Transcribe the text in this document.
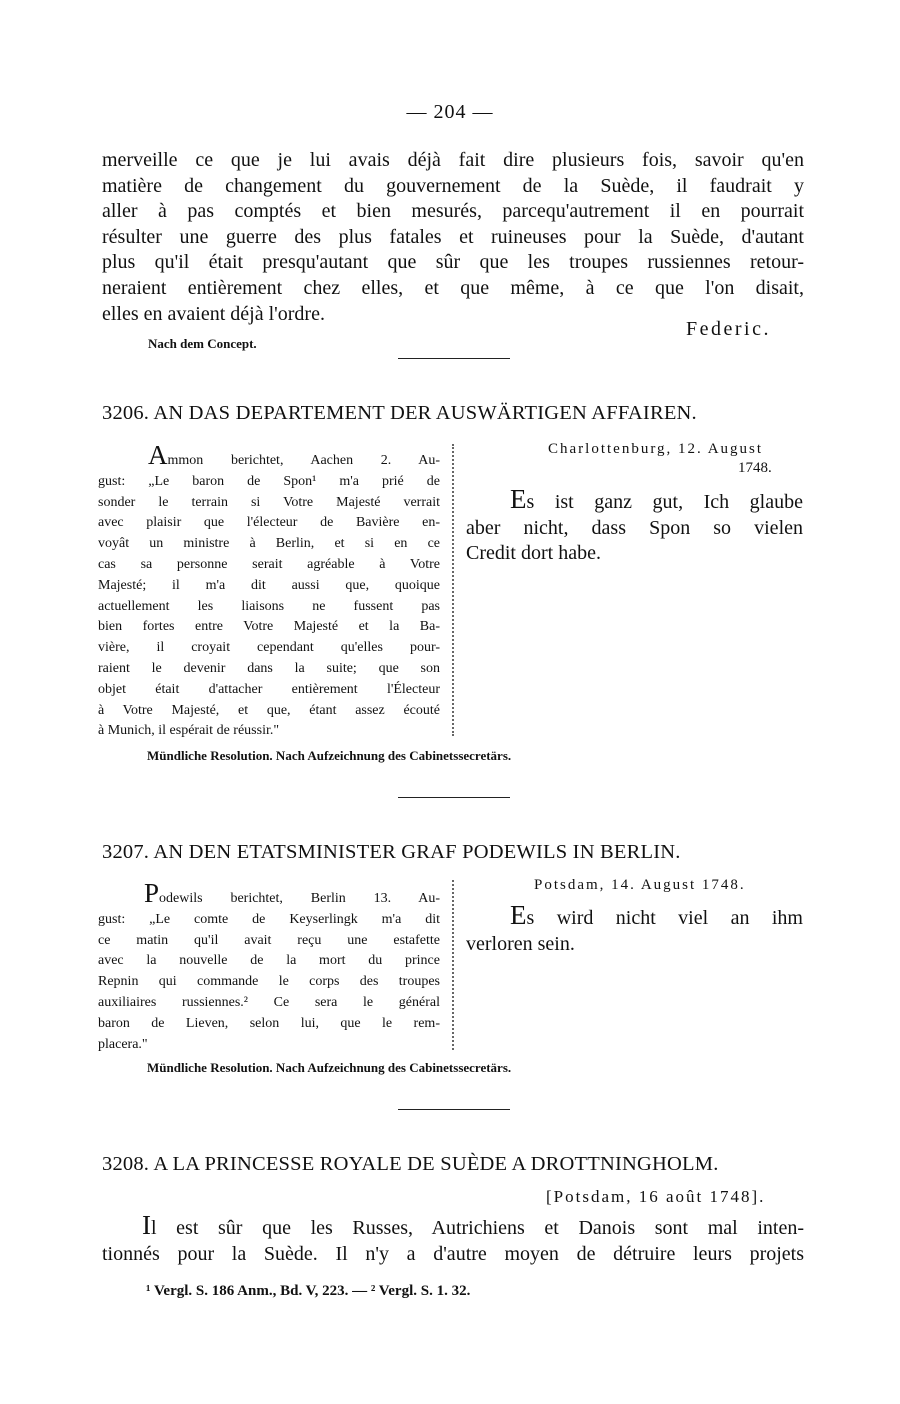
— 204 —
merveille ce que je lui avais déjà fait dire plusieurs fois, savoir qu'en
matière de changement du gouvernement de la Suède, il faudrait y
aller à pas comptés et bien mesurés, parcequ'autrement il en pourrait
résulter une guerre des plus fatales et ruineuses pour la Suède, d'autant
plus qu'il était presqu'autant que sûr que les troupes russiennes retour-
neraient entièrement chez elles, et que même, à ce que l'on disait,
elles en avaient déjà l'ordre.
Federic.
Nach dem Concept.
3206. AN DAS DEPARTEMENT DER AUSWÄRTIGEN AFFAIREN.
Ammon berichtet, Aachen 2. Au-
gust: „Le baron de Spon¹ m'a prié de
sonder le terrain si Votre Majesté verrait
avec plaisir que l'électeur de Bavière en-
voyât un ministre à Berlin, et si en ce
cas sa personne serait agréable à Votre
Majesté; il m'a dit aussi que, quoique
actuellement les liaisons ne fussent pas
bien fortes entre Votre Majesté et la Ba-
vière, il croyait cependant qu'elles pour-
raient le devenir dans la suite; que son
objet était d'attacher entièrement l'Électeur
à Votre Majesté, et que, étant assez écouté
à Munich, il espérait de réussir."
Charlottenburg, 12. August
1748.
Es ist ganz gut, Ich glaube
aber nicht, dass Spon so vielen
Credit dort habe.
Mündliche Resolution. Nach Aufzeichnung des Cabinetssecretärs.
3207. AN DEN ETATSMINISTER GRAF PODEWILS IN BERLIN.
Podewils berichtet, Berlin 13. Au-
gust: „Le comte de Keyserlingk m'a dit
ce matin qu'il avait reçu une estafette
avec la nouvelle de la mort du prince
Repnin qui commande le corps des troupes
auxiliaires russiennes.² Ce sera le général
baron de Lieven, selon lui, que le rem-
placera."
Potsdam, 14. August 1748.
Es wird nicht viel an ihm
verloren sein.
Mündliche Resolution. Nach Aufzeichnung des Cabinetssecretärs.
3208. A LA PRINCESSE ROYALE DE SUÈDE A DROTTNINGHOLM.
[Potsdam, 16 août 1748].
Il est sûr que les Russes, Autrichiens et Danois sont mal inten-
tionnés pour la Suède. Il n'y a d'autre moyen de détruire leurs projets
¹ Vergl. S. 186 Anm., Bd. V, 223. — ² Vergl. S. 1. 32.
